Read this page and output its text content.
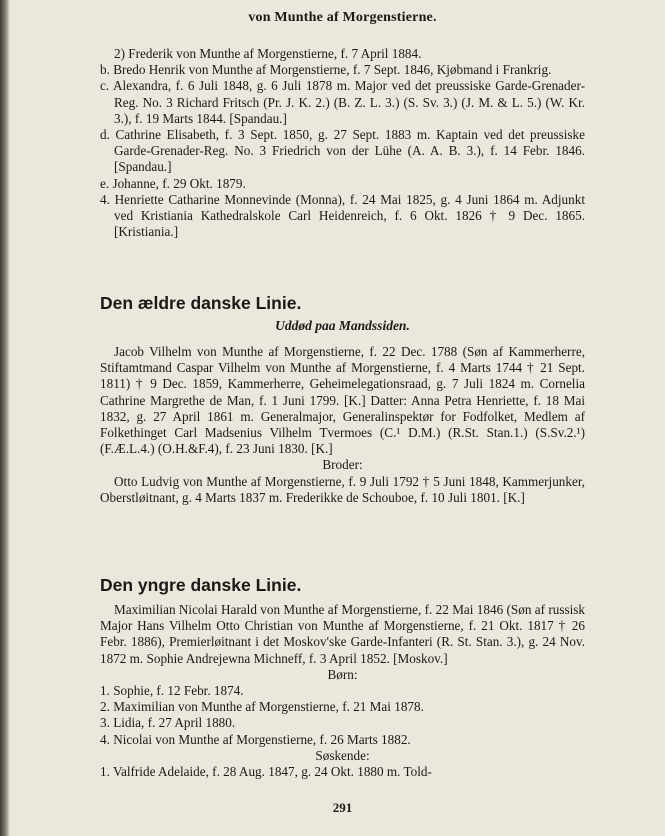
von Munthe af Morgenstierne.

2) Frederik von Munthe af Morgenstierne, f. 7 April 1884.

b. Bredo Henrik von Munthe af Morgenstierne, f. 7 Sept. 1846, Kjøbmand i Frankrig.

c. Alexandra, f. 6 Juli 1848, g. 6 Juli 1878 m. Major ved det preussiske Garde-Grenader-Reg. No. 3 Richard Fritsch (Pr. J. K. 2.) (B. Z. L. 3.) (S. Sv. 3.) (J. M. & L. 5.) (W. Kr. 3.), f. 19 Marts 1844. [Spandau.]

d. Cathrine Elisabeth, f. 3 Sept. 1850, g. 27 Sept. 1883 m. Kaptain ved det preussiske Garde-Grenader-Reg. No. 3 Friedrich von der Lühe (A. A. B. 3.), f. 14 Febr. 1846. [Spandau.]

e. Johanne, f. 29 Okt. 1879.

4. Henriette Catharine Monnevinde (Monna), f. 24 Mai 1825, g. 4 Juni 1864 m. Adjunkt ved Kristiania Kathedralskole Carl Heidenreich, f. 6 Okt. 1826 † 9 Dec. 1865. [Kristiania.]

Den ældre danske Linie.
Uddød paa Mandssiden.

Jacob Vilhelm von Munthe af Morgenstierne, f. 22 Dec. 1788 (Søn af Kammerherre, Stiftamtmand Caspar Vilhelm von Munthe af Morgenstierne, f. 4 Marts 1744 † 21 Sept. 1811) † 9 Dec. 1859, Kammerherre, Geheimelegationsraad, g. 7 Juli 1824 m. Cornelia Cathrine Margrethe de Man, f. 1 Juni 1799. [K.] Datter: Anna Petra Henriette, f. 18 Mai 1832, g. 27 April 1861 m. Generalmajor, Generalinspektør for Fodfolket, Medlem af Folkethinget Carl Madsenius Vilhelm Tvermoes (C.¹ D.M.) (R.St. Stan.1.) (S.Sv.2.¹) (F.Æ.L.4.) (O.H.&F.4), f. 23 Juni 1830. [K.]

Broder:

Otto Ludvig von Munthe af Morgenstierne, f. 9 Juli 1792 † 5 Juni 1848, Kammerjunker, Oberstløitnant, g. 4 Marts 1837 m. Frederikke de Schouboe, f. 10 Juli 1801. [K.]

Den yngre danske Linie.

Maximilian Nicolai Harald von Munthe af Morgenstierne, f. 22 Mai 1846 (Søn af russisk Major Hans Vilhelm Otto Christian von Munthe af Morgenstierne, f. 21 Okt. 1817 † 26 Febr. 1886), Premierløitnant i det Moskov'ske Garde-Infanteri (R. St. Stan. 3.), g. 24 Nov. 1872 m. Sophie Andrejewna Michneff, f. 3 April 1852. [Moskov.]

Børn:

1. Sophie, f. 12 Febr. 1874.

2. Maximilian von Munthe af Morgenstierne, f. 21 Mai 1878.

3. Lidia, f. 27 April 1880.

4. Nicolai von Munthe af Morgenstierne, f. 26 Marts 1882.

Søskende:

1. Valfride Adelaide, f. 28 Aug. 1847, g. 24 Okt. 1880 m. Told-

291
